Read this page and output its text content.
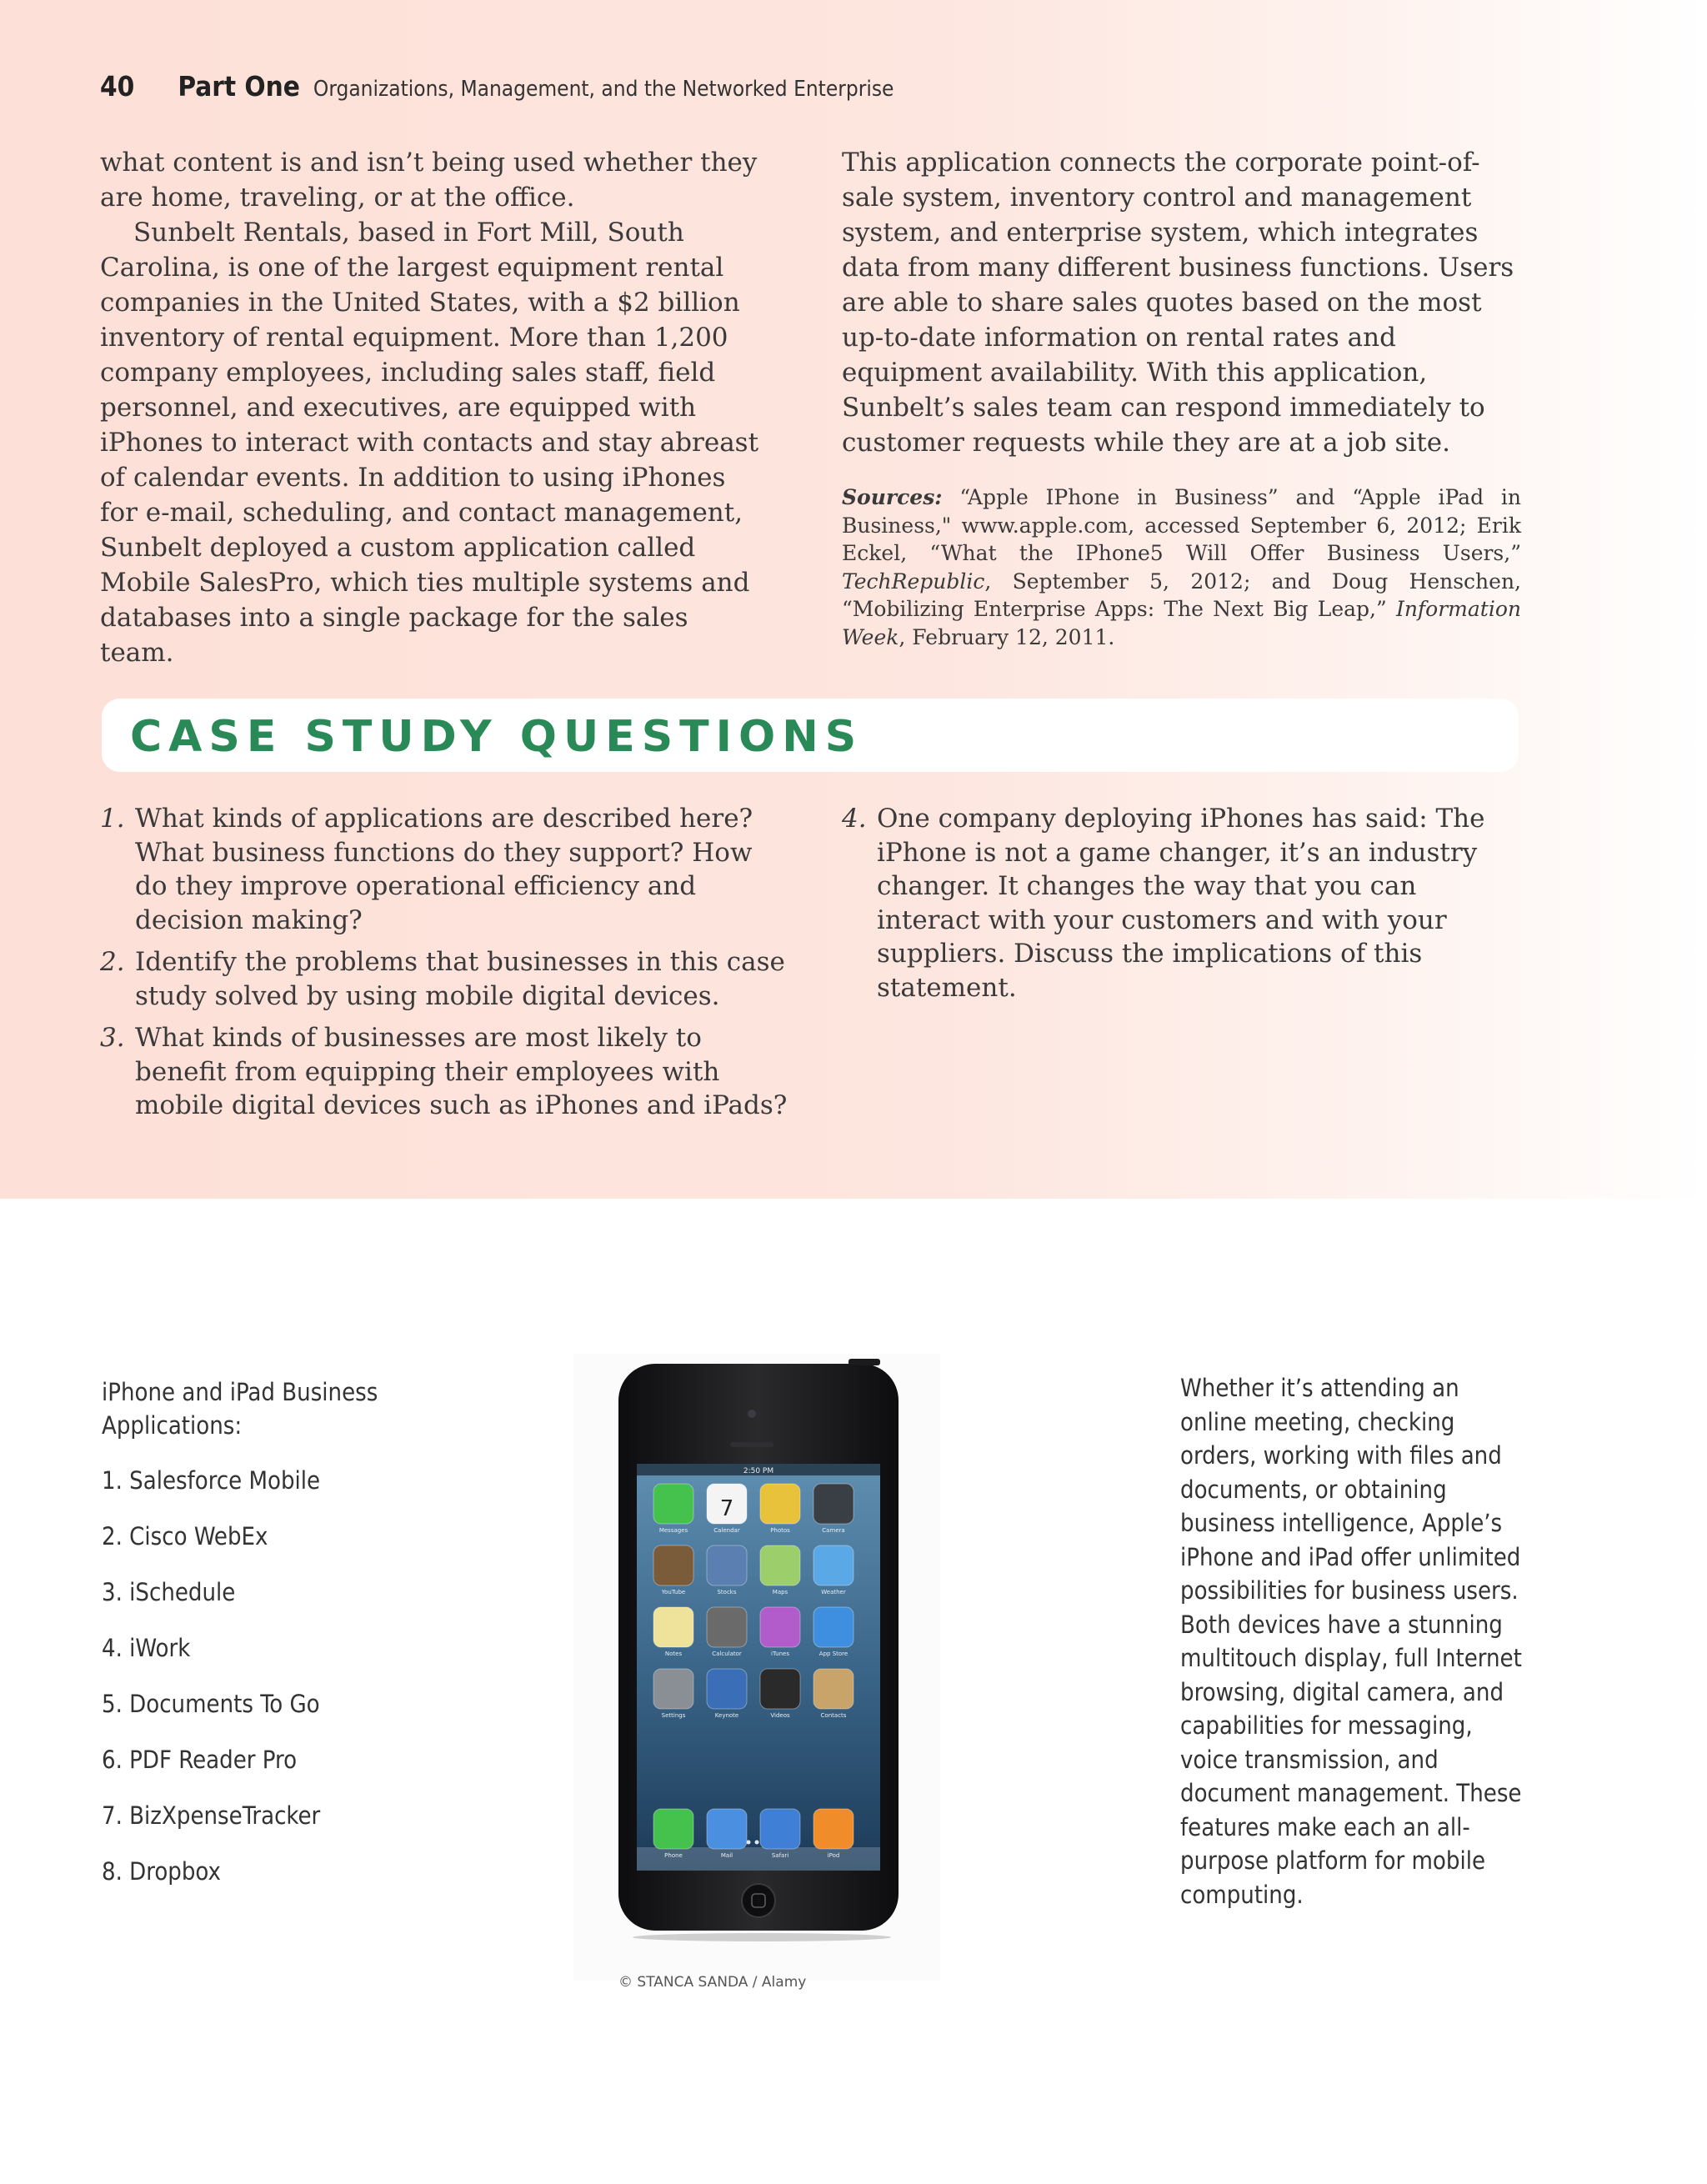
40 Part One Organizations, Management, and the Networked Enterprise

what content is and isn’t being used whether they are home, traveling, or at the office.

Sunbelt Rentals, based in Fort Mill, South Carolina, is one of the largest equipment rental companies in the United States, with a $2 billion inventory of rental equipment. More than 1,200 company employees, including sales staff, field personnel, and executives, are equipped with iPhones to interact with contacts and stay abreast of calendar events. In addition to using iPhones for e-mail, scheduling, and contact management, Sunbelt deployed a custom application called Mobile SalesPro, which ties multiple systems and databases into a single package for the sales team.

This application connects the corporate point-of-sale system, inventory control and management system, and enterprise system, which integrates data from many different business functions. Users are able to share sales quotes based on the most up-to-date information on rental rates and equipment availability. With this application, Sunbelt’s sales team can respond immediately to customer requests while they are at a job site.

Sources: “Apple IPhone in Business” and “Apple iPad in Business," www.apple.com, accessed September 6, 2012; Erik Eckel, “What the IPhone5 Will Offer Business Users,” TechRepublic, September 5, 2012; and Doug Henschen, “Mobilizing Enterprise Apps: The Next Big Leap,” Information Week, February 12, 2011.

CASE STUDY QUESTIONS
1. What kinds of applications are described here? What business functions do they support? How do they improve operational efficiency and decision making?
2. Identify the problems that businesses in this case study solved by using mobile digital devices.
3. What kinds of businesses are most likely to benefit from equipping their employees with mobile digital devices such as iPhones and iPads?
4. One company deploying iPhones has said: The iPhone is not a game changer, it’s an industry changer. It changes the way that you can interact with your customers and with your suppliers. Discuss the implications of this statement.
iPhone and iPad Business Applications:
1. Salesforce Mobile
2. Cisco WebEx
3. iSchedule
4. iWork
5. Documents To Go
6. PDF Reader Pro
7. BizXpenseTracker
8. Dropbox
2:50 PM
Messages	Calendar	Photos	Camera
YouTube	Stocks	Maps	Weather
Notes	Calculator	iTunes	App Store
Settings	Keynote	Videos	Contacts
7
Phone	Mail	Safari	iPod
© STANCA SANDA / Alamy
Whether it’s attending an online meeting, checking orders, working with files and documents, or obtaining business intelligence, Apple’s iPhone and iPad offer unlimited possibilities for business users. Both devices have a stunning multitouch display, full Internet browsing, digital camera, and capabilities for messaging, voice transmission, and document management. These features make each an all-purpose platform for mobile computing.
